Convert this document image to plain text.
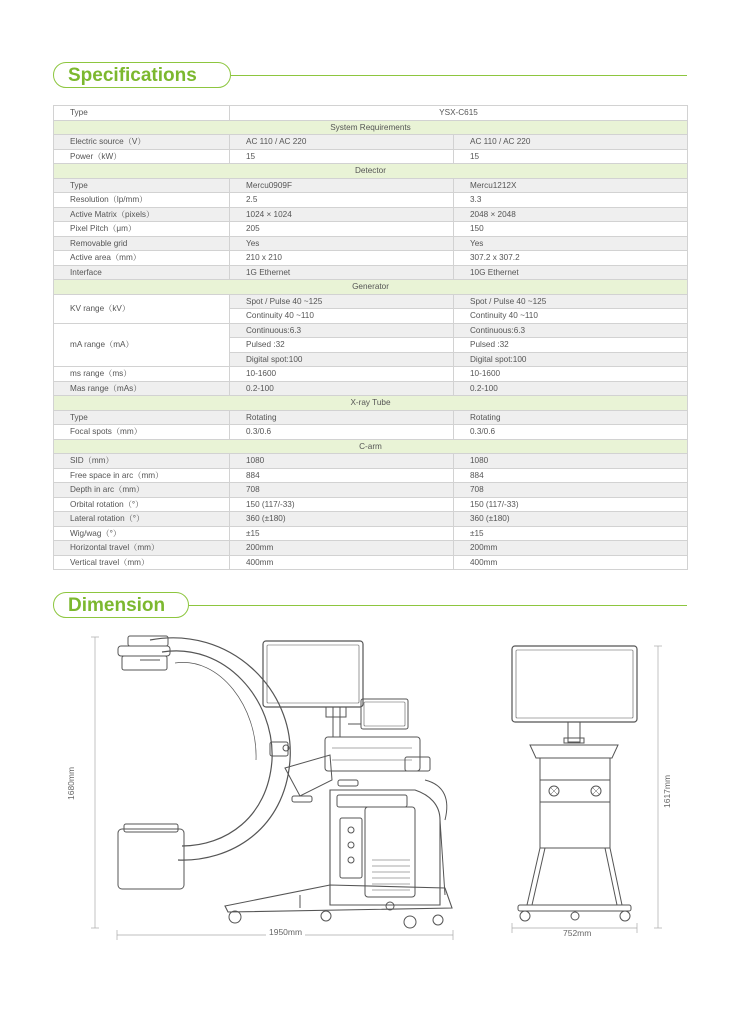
Specifications
Type	YSX-C615	
System Requirements		
Electric source（V）	AC 110 / AC 220	AC 110 / AC 220
Power（kW）	15	15
Detector		
Type	Mercu0909F	Mercu1212X
Resolution（lp/mm）	2.5	3.3
Active Matrix（pixels）	1024 × 1024	2048 × 2048
Pixel Pitch（μm）	205	150
Removable grid	Yes	Yes
Active area（mm）	210 x 210	307.2 x 307.2
Interface	1G Ethernet	10G Ethernet
Generator		
KV range（kV）	Spot / Pulse 40 ~125	Spot / Pulse 40 ~125
	Continuity 40 ~110	Continuity 40 ~110
mA range（mA）	Continuous:6.3	Continuous:6.3
	Pulsed :32	Pulsed :32
	Digital spot:100	Digital spot:100
ms range（ms）	10-1600	10-1600
Mas range（mAs）	0.2-100	0.2-100
X-ray Tube		
Type	Rotating	Rotating
Focal spots（mm）	0.3/0.6	0.3/0.6
C-arm		
SID（mm）	1080	1080
Free space in arc（mm）	884	884
Depth in arc（mm）	708	708
Orbital rotation（°）	150 (117/-33)	150 (117/-33)
Lateral rotation（°）	360 (±180)	360 (±180)
Wig/wag（°）	±15	±15
Horizontal travel（mm）	200mm	200mm
Vertical travel（mm）	400mm	400mm
Dimension
1680mm
1950mm
1617mm
752mm
